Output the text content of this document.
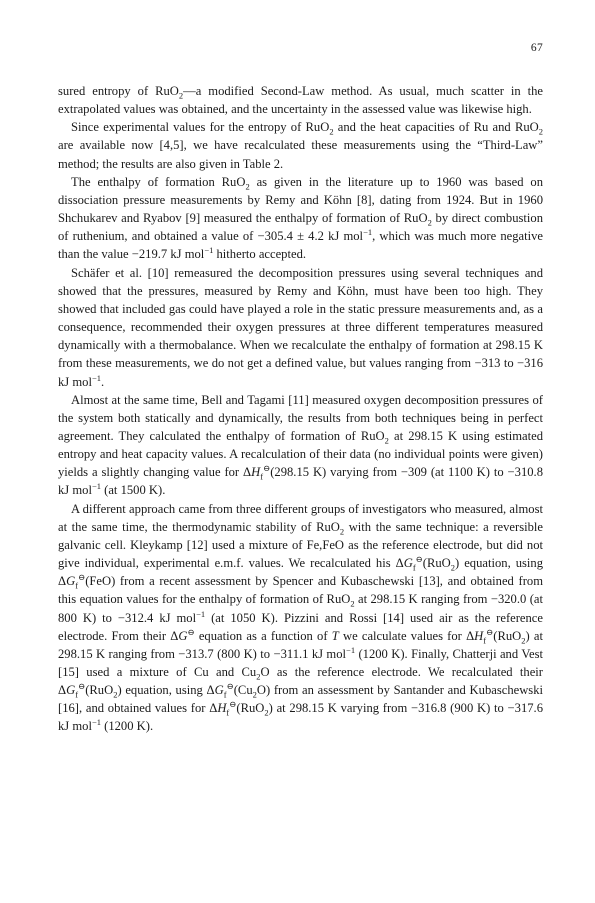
67

sured entropy of RuO$_2$—a modified Second-Law method. As usual, much scatter in the extrapolated values was obtained, and the uncertainty in the assessed value was likewise high.

Since experimental values for the entropy of RuO$_2$ and the heat capacities of Ru and RuO$_2$ are available now [4,5], we have recalculated these measurements using the “Third-Law” method; the results are also given in Table 2.

The enthalpy of formation RuO$_2$ as given in the literature up to 1960 was based on dissociation pressure measurements by Remy and Köhn [8], dating from 1924. But in 1960 Shchukarev and Ryabov [9] measured the enthalpy of formation of RuO$_2$ by direct combustion of ruthenium, and obtained a value of −305.4 ± 4.2 kJ mol$^{-1}$, which was much more negative than the value −219.7 kJ mol$^{-1}$ hitherto accepted.

Schäfer et al. [10] remeasured the decomposition pressures using several techniques and showed that the pressures, measured by Remy and Köhn, must have been too high. They showed that included gas could have played a role in the static pressure measurements and, as a consequence, recommended their oxygen pressures at three different temperatures measured dynamically with a thermobalance. When we recalculate the enthalpy of formation at 298.15 K from these measurements, we do not get a defined value, but values ranging from −313 to −316 kJ mol$^{-1}$.

Almost at the same time, Bell and Tagami [11] measured oxygen decomposition pressures of the system both statically and dynamically, the results from both techniques being in perfect agreement. They calculated the enthalpy of formation of RuO$_2$ at 298.15 K using estimated entropy and heat capacity values. A recalculation of their data (no individual points were given) yields a slightly changing value for $\Delta H_f^⊖(298.15$ K) varying from −309 (at 1100 K) to −310.8 kJ mol$^{-1}$ (at 1500 K).

A different approach came from three different groups of investigators who measured, almost at the same time, the thermodynamic stability of RuO$_2$ with the same technique: a reversible galvanic cell. Kleykamp [12] used a mixture of Fe,FeO as the reference electrode, but did not give individual, experimental e.m.f. values. We recalculated his $\Delta G_f^⊖(RuO_2)$ equation, using $\Delta G_f^⊖(FeO)$ from a recent assessment by Spencer and Kubaschewski [13], and obtained from this equation values for the enthalpy of formation of RuO$_2$ at 298.15 K ranging from −320.0 (at 800 K) to −312.4 kJ mol$^{-1}$ (at 1050 K). Pizzini and Rossi [14] used air as the reference electrode. From their ΔG⊖ equation as a function of T we calculate values for $\Delta H_f^⊖(RuO_2)$ at 298.15 K ranging from −313.7 (800 K) to −311.1 kJ mol$^{-1}$ (1200 K). Finally, Chatterji and Vest [15] used a mixture of Cu and $Cu_2O$ as the reference electrode. We recalculated their $\Delta G_f^⊖(RuO_2)$ equation, using $\Delta G_f^⊖(Cu_2O)$ from an assessment by Santander and Kubaschewski [16], and obtained values for $\Delta H_f^⊖(RuO_2)$ at 298.15 K varying from −316.8 (900 K) to −317.6 kJ mol$^{-1}$ (1200 K).
